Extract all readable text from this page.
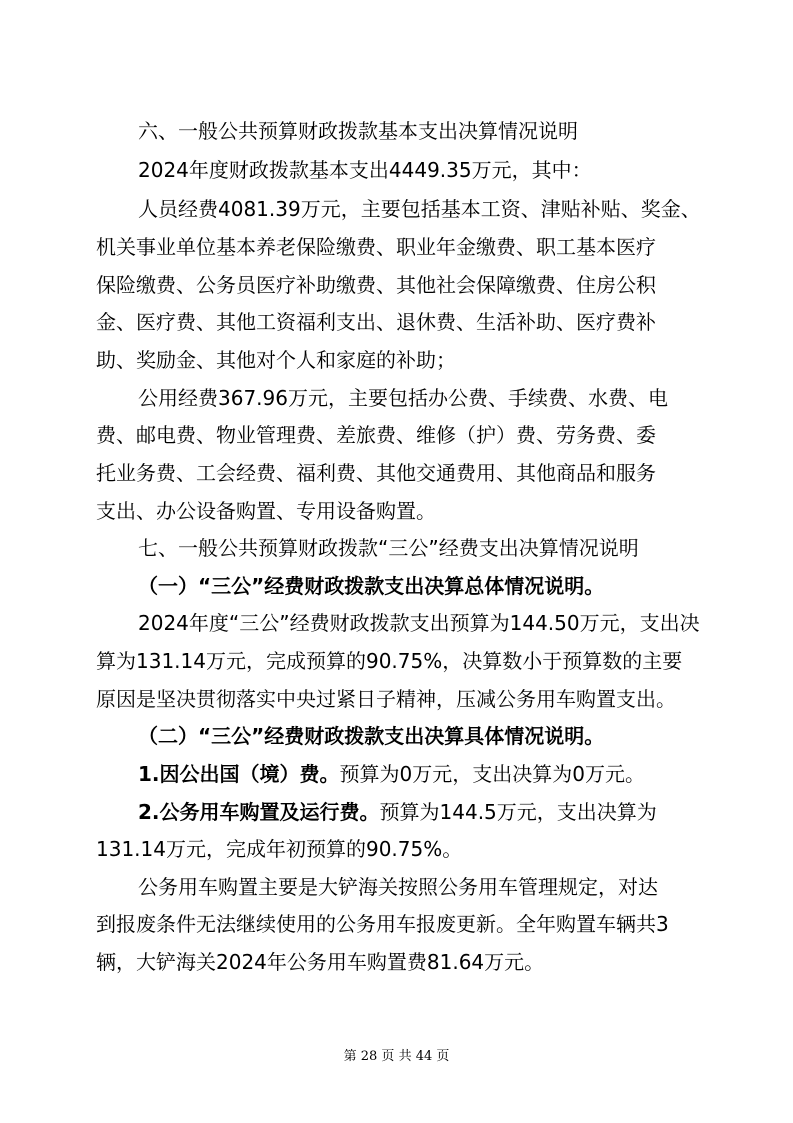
六、一般公共预算财政拨款基本支出决算情况说明
2024年度财政拨款基本支出4449.35万元，其中：
人员经费4081.39万元，主要包括基本工资、津贴补贴、奖金、
机关事业单位基本养老保险缴费、职业年金缴费、职工基本医疗
保险缴费、公务员医疗补助缴费、其他社会保障缴费、住房公积
金、医疗费、其他工资福利支出、退休费、生活补助、医疗费补
助、奖励金、其他对个人和家庭的补助；
公用经费367.96万元，主要包括办公费、手续费、水费、电
费、邮电费、物业管理费、差旅费、维修（护）费、劳务费、委
托业务费、工会经费、福利费、其他交通费用、其他商品和服务
支出、办公设备购置、专用设备购置。
七、一般公共预算财政拨款“三公”经费支出决算情况说明
（一）“三公”经费财政拨款支出决算总体情况说明。
2024年度“三公”经费财政拨款支出预算为144.50万元，支出决
算为131.14万元，完成预算的90.75%，决算数小于预算数的主要
原因是坚决贯彻落实中央过紧日子精神，压减公务用车购置支出。
（二）“三公”经费财政拨款支出决算具体情况说明。
1.因公出国（境）费。预算为0万元，支出决算为0万元。
2.公务用车购置及运行费。预算为144.5万元，支出决算为
131.14万元，完成年初预算的90.75%。
公务用车购置主要是大铲海关按照公务用车管理规定，对达
到报废条件无法继续使用的公务用车报废更新。全年购置车辆共3
辆，大铲海关2024年公务用车购置费81.64万元。
第 28 页 共 44 页
